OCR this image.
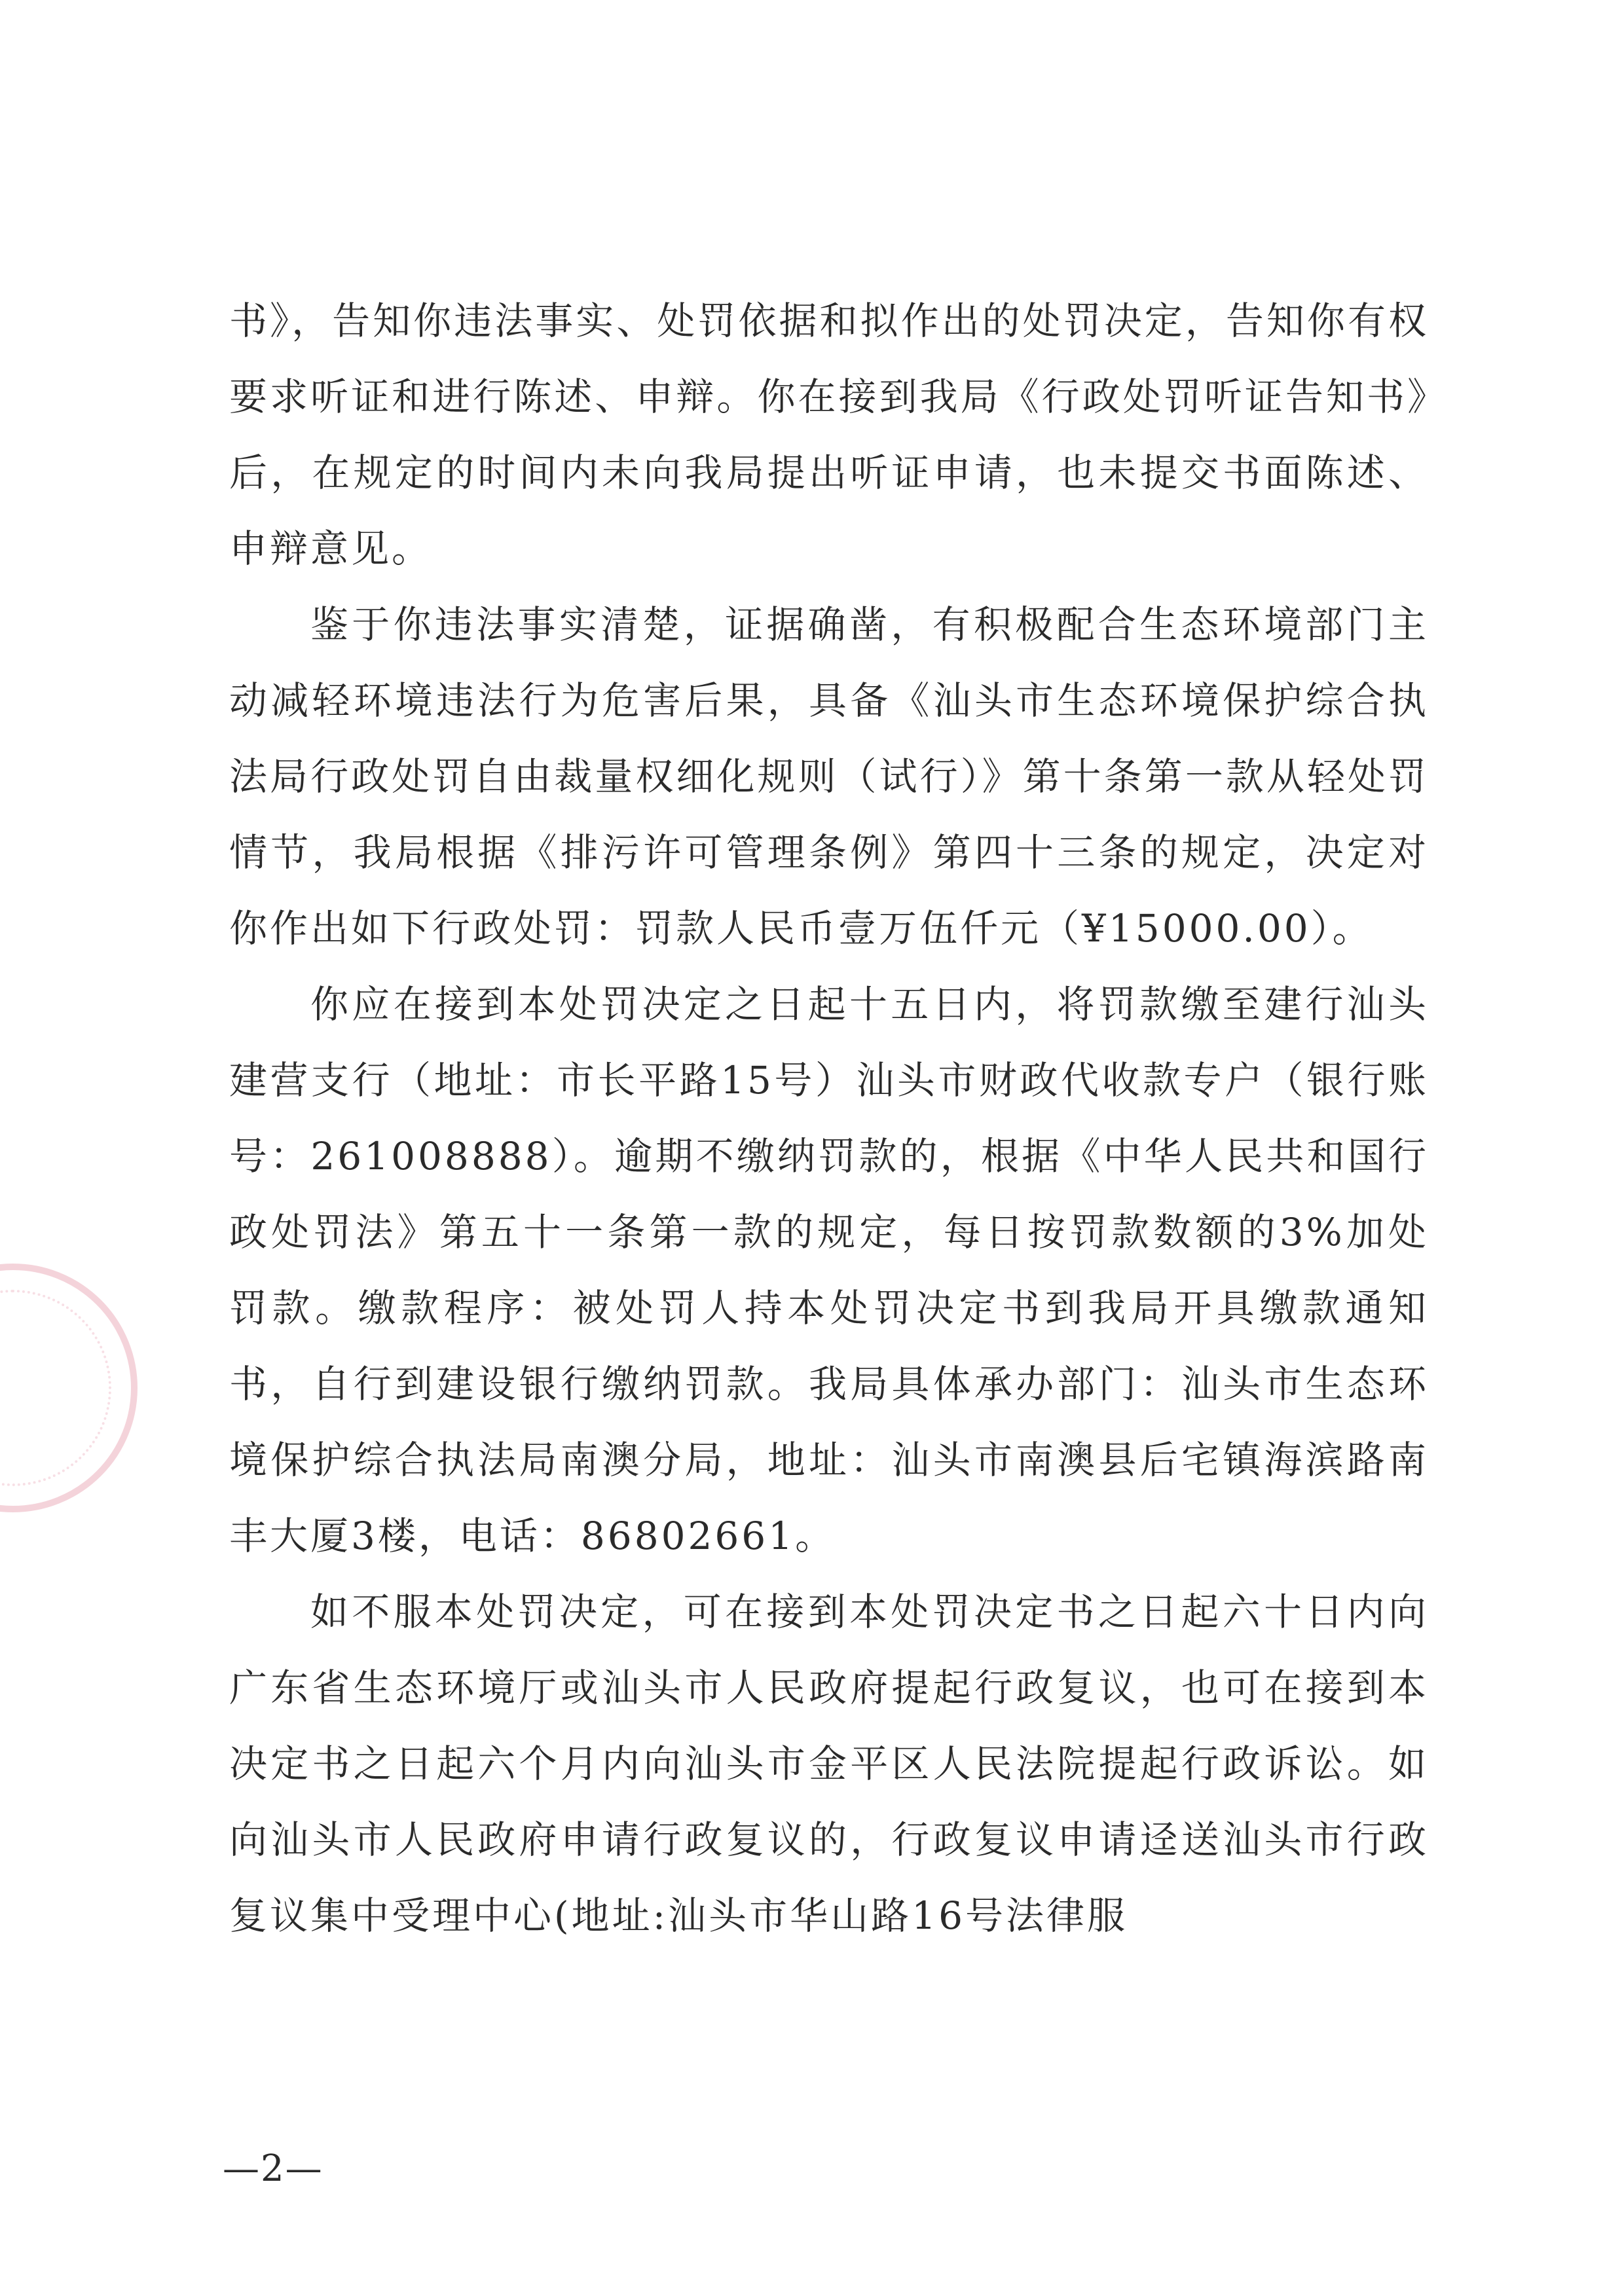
书》，告知你违法事实、处罚依据和拟作出的处罚决定，告知你有权要求听证和进行陈述、申辩。你在接到我局《行政处罚听证告知书》后，在规定的时间内未向我局提出听证申请，也未提交书面陈述、申辩意见。

鉴于你违法事实清楚，证据确凿，有积极配合生态环境部门主动减轻环境违法行为危害后果，具备《汕头市生态环境保护综合执法局行政处罚自由裁量权细化规则（试行）》第十条第一款从轻处罚情节，我局根据《排污许可管理条例》第四十三条的规定，决定对你作出如下行政处罚：罚款人民币壹万伍仟元（¥15000.00）。

你应在接到本处罚决定之日起十五日内，将罚款缴至建行汕头建营支行（地址：市长平路15号）汕头市财政代收款专户（银行账号：261008888）。逾期不缴纳罚款的，根据《中华人民共和国行政处罚法》第五十一条第一款的规定，每日按罚款数额的3%加处罚款。缴款程序：被处罚人持本处罚决定书到我局开具缴款通知书，自行到建设银行缴纳罚款。我局具体承办部门：汕头市生态环境保护综合执法局南澳分局，地址：汕头市南澳县后宅镇海滨路南丰大厦3楼，电话：86802661。

如不服本处罚决定，可在接到本处罚决定书之日起六十日内向广东省生态环境厅或汕头市人民政府提起行政复议，也可在接到本决定书之日起六个月内向汕头市金平区人民法院提起行政诉讼。如向汕头市人民政府申请行政复议的，行政复议申请迳送汕头市行政复议集中受理中心(地址:汕头市华山路16号法律服

—2—
